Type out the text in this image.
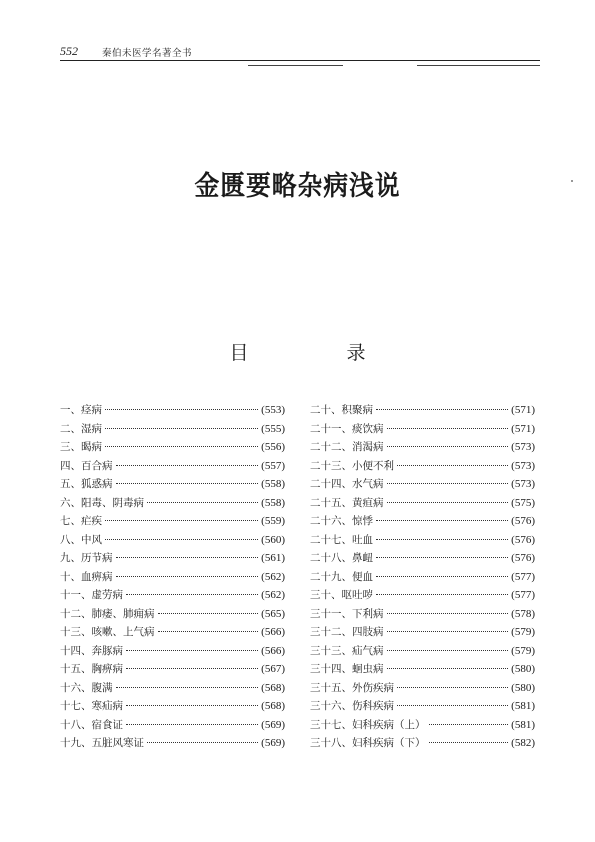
552	秦伯未医学名著全书
金匮要略杂病浅说
目 录
一、痉病	(553)
二、湿病	(555)
三、暍病	(556)
四、百合病	(557)
五、狐惑病	(558)
六、阳毒、阴毒病	(558)
七、疟疾	(559)
八、中风	(560)
九、历节病	(561)
十、血痹病	(562)
十一、虚劳病	(562)
十二、肺痿、肺痈病	(565)
十三、咳嗽、上气病	(566)
十四、奔豚病	(566)
十五、胸痹病	(567)
十六、腹满	(568)
十七、寒疝病	(568)
十八、宿食证	(569)
十九、五脏风寒证	(569)
二十、积聚病	(571)
二十一、痰饮病	(571)
二十二、消渴病	(573)
二十三、小便不利	(573)
二十四、水气病	(573)
二十五、黄疸病	(575)
二十六、惊悸	(576)
二十七、吐血	(576)
二十八、鼻衄	(576)
二十九、便血	(577)
三十、呕吐哕	(577)
三十一、下利病	(578)
三十二、四肢病	(579)
三十三、疝气病	(579)
三十四、蛔虫病	(580)
三十五、外伤疾病	(580)
三十六、伤科疾病	(581)
三十七、妇科疾病（上）	(581)
三十八、妇科疾病（下）	(582)
